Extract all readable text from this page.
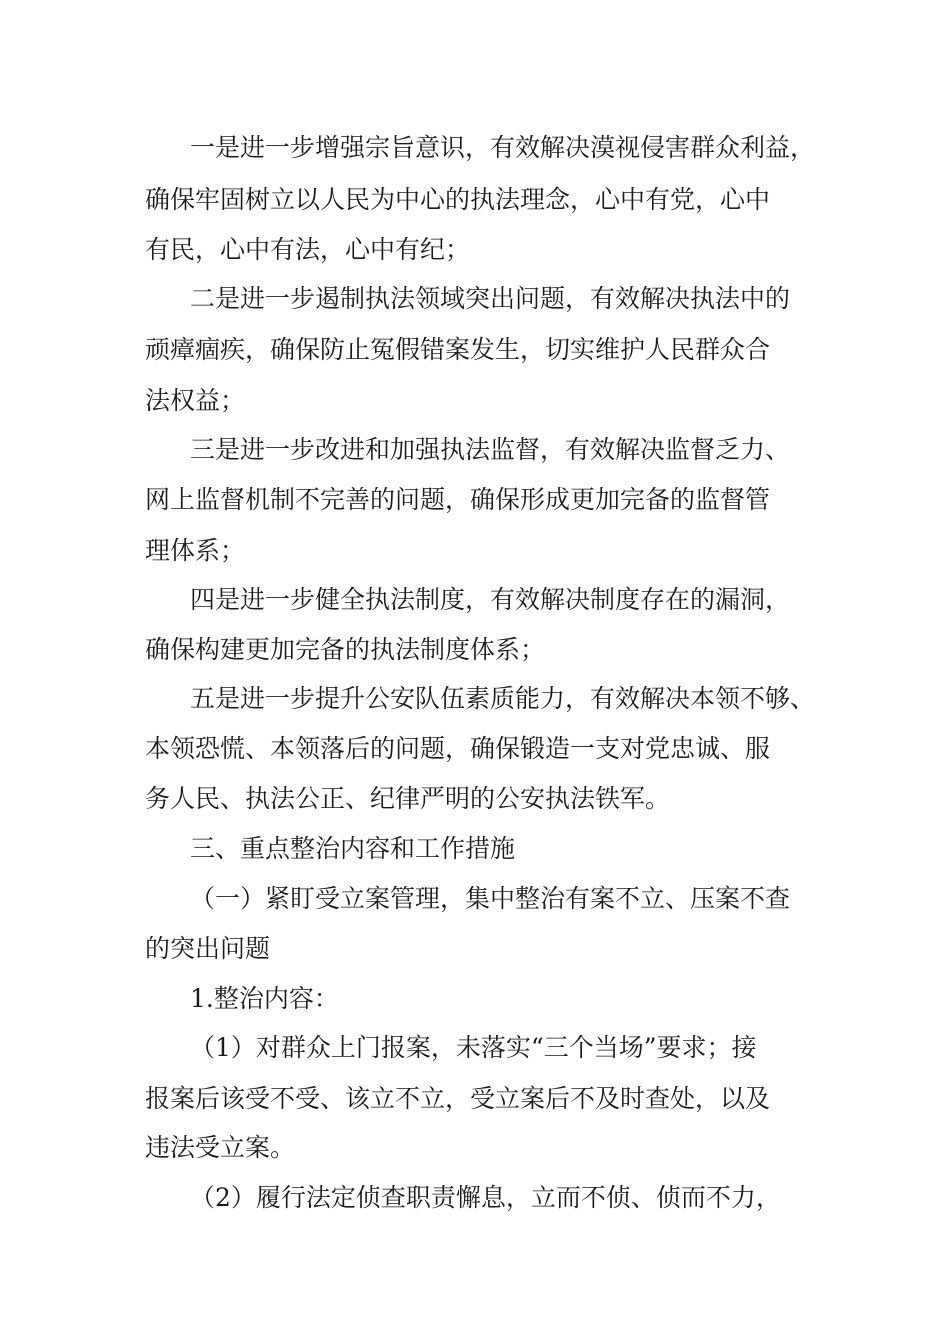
一是进一步增强宗旨意识，有效解决漠视侵害群众利益，
确保牢固树立以人民为中心的执法理念，心中有党，心中
有民，心中有法，心中有纪；
二是进一步遏制执法领域突出问题，有效解决执法中的
顽瘴痼疾，确保防止冤假错案发生，切实维护人民群众合
法权益；
三是进一步改进和加强执法监督，有效解决监督乏力、
网上监督机制不完善的问题，确保形成更加完备的监督管
理体系；
四是进一步健全执法制度，有效解决制度存在的漏洞，
确保构建更加完备的执法制度体系；
五是进一步提升公安队伍素质能力，有效解决本领不够、
本领恐慌、本领落后的问题，确保锻造一支对党忠诚、服
务人民、执法公正、纪律严明的公安执法铁军。
三、重点整治内容和工作措施
（一）紧盯受立案管理，集中整治有案不立、压案不查
的突出问题
1.整治内容：
（1）对群众上门报案，未落实“三个当场”要求；接
报案后该受不受、该立不立，受立案后不及时查处，以及
违法受立案。
（2）履行法定侦查职责懈息，立而不侦、侦而不力，
